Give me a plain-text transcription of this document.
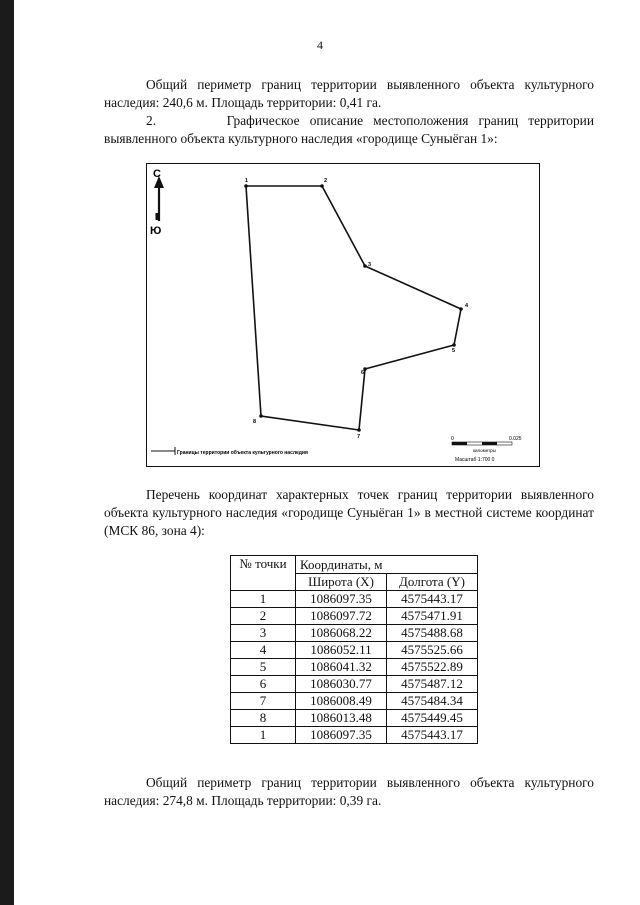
4

Общий периметр границ территории выявленного объекта культурного наследия: 240,6 м. Площадь территории: 0,41 га.

2.       Графическое описание местоположения границ территории выявленного объекта культурного наследия «городище Суныёган 1»:

С
Ю
1	2
3
4
5
6
7
8
Границы территории объекта культурного наследия
0	0.025
километры
Масштаб 1:700 0

Перечень координат характерных точек границ территории выявленного объекта культурного наследия «городище Суныёган 1» в местной системе координат (МСК 86, зона 4):

№ точки	Координаты, м	
	Широта (X)	Долгота (Y)
1	1086097.35	4575443.17
2	1086097.72	4575471.91
3	1086068.22	4575488.68
4	1086052.11	4575525.66
5	1086041.32	4575522.89
6	1086030.77	4575487.12
7	1086008.49	4575484.34
8	1086013.48	4575449.45
1	1086097.35	4575443.17

Общий периметр границ территории выявленного объекта культурного наследия: 274,8 м. Площадь территории: 0,39 га.
